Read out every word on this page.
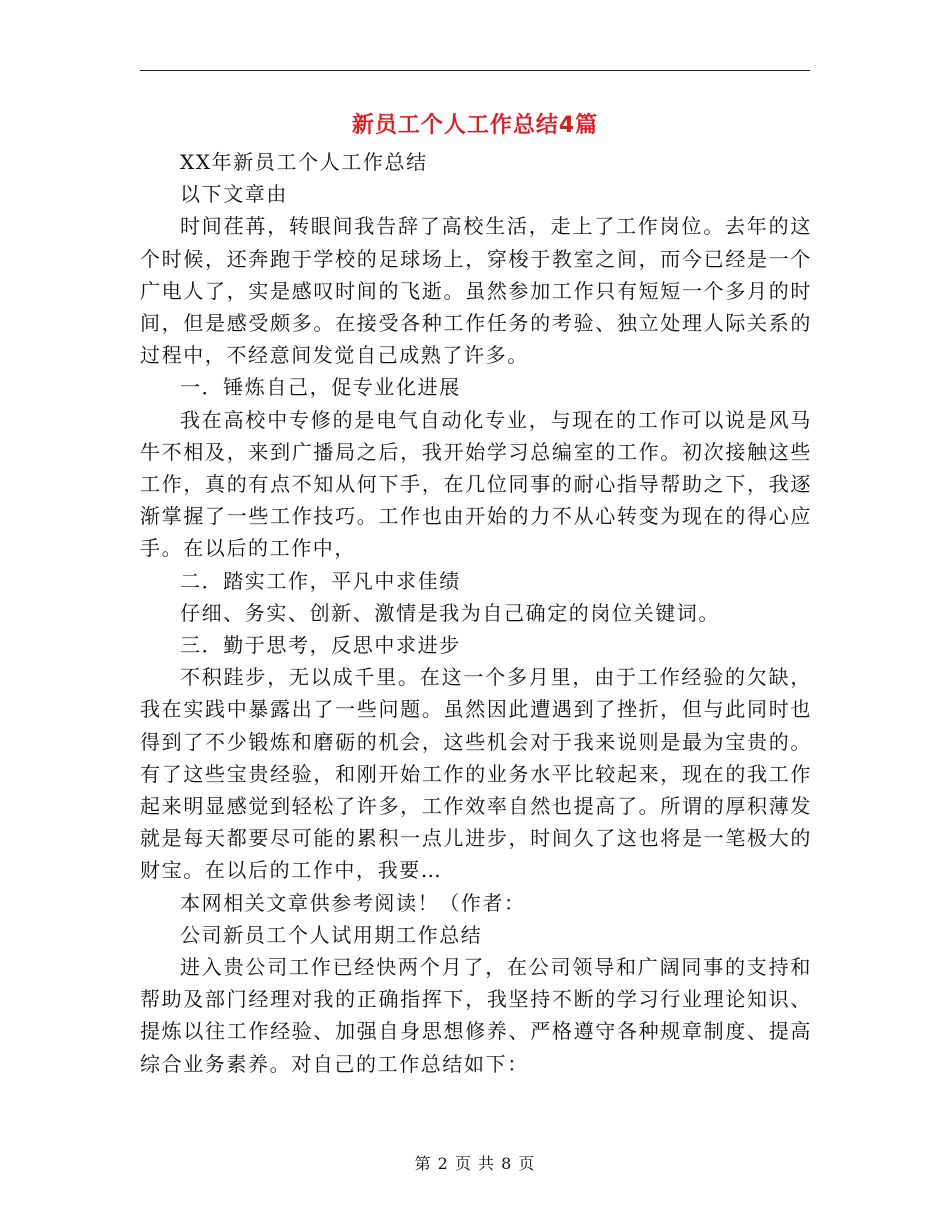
新员工个人工作总结4篇

XX年新员工个人工作总结

以下文章由

时间荏苒，转眼间我告辞了高校生活，走上了工作岗位。去年的这个时候，还奔跑于学校的足球场上，穿梭于教室之间，而今已经是一个广电人了，实是感叹时间的飞逝。虽然参加工作只有短短一个多月的时间，但是感受颇多。在接受各种工作任务的考验、独立处理人际关系的过程中，不经意间发觉自己成熟了许多。

一．锤炼自己，促专业化进展

我在高校中专修的是电气自动化专业，与现在的工作可以说是风马牛不相及，来到广播局之后，我开始学习总编室的工作。初次接触这些工作，真的有点不知从何下手，在几位同事的耐心指导帮助之下，我逐渐掌握了一些工作技巧。工作也由开始的力不从心转变为现在的得心应手。在以后的工作中，

二．踏实工作，平凡中求佳绩

仔细、务实、创新、激情是我为自己确定的岗位关键词。

三．勤于思考，反思中求进步

不积跬步，无以成千里。在这一个多月里，由于工作经验的欠缺，我在实践中暴露出了一些问题。虽然因此遭遇到了挫折，但与此同时也得到了不少锻炼和磨砺的机会，这些机会对于我来说则是最为宝贵的。有了这些宝贵经验，和刚开始工作的业务水平比较起来，现在的我工作起来明显感觉到轻松了许多，工作效率自然也提高了。所谓的厚积薄发就是每天都要尽可能的累积一点儿进步，时间久了这也将是一笔极大的财宝。在以后的工作中，我要…

本网相关文章供参考阅读！（作者：

公司新员工个人试用期工作总结

进入贵公司工作已经快两个月了，在公司领导和广阔同事的支持和帮助及部门经理对我的正确指挥下，我坚持不断的学习行业理论知识、提炼以往工作经验、加强自身思想修养、严格遵守各种规章制度、提高综合业务素养。对自己的工作总结如下：

第 2 页 共 8 页
